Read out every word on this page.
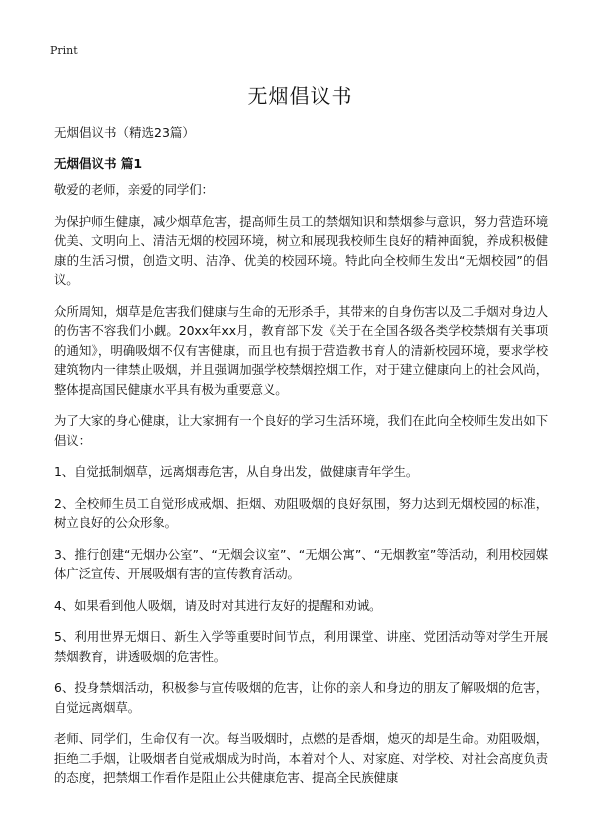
Print
无烟倡议书
无烟倡议书（精选23篇）
无烟倡议书 篇1

敬爱的老师，亲爱的同学们：

为保护师生健康，减少烟草危害，提高师生员工的禁烟知识和禁烟参与意识，努力营造环境优美、文明向上、清洁无烟的校园环境，树立和展现我校师生良好的精神面貌，养成积极健康的生活习惯，创造文明、洁净、优美的校园环境。特此向全校师生发出“无烟校园”的倡议。

众所周知，烟草是危害我们健康与生命的无形杀手，其带来的自身伤害以及二手烟对身边人的伤害不容我们小觑。20xx年xx月，教育部下发《关于在全国各级各类学校禁烟有关事项的通知》，明确吸烟不仅有害健康，而且也有损于营造教书育人的清新校园环境，要求学校建筑物内一律禁止吸烟，并且强调加强学校禁烟控烟工作，对于建立健康向上的社会风尚，整体提高国民健康水平具有极为重要意义。

为了大家的身心健康，让大家拥有一个良好的学习生活环境，我们在此向全校师生发出如下倡议：

1、自觉抵制烟草，远离烟毒危害，从自身出发，做健康青年学生。

2、全校师生员工自觉形成戒烟、拒烟、劝阻吸烟的良好氛围，努力达到无烟校园的标准，树立良好的公众形象。

3、推行创建“无烟办公室”、“无烟会议室”、“无烟公寓”、“无烟教室”等活动，利用校园媒体广泛宣传、开展吸烟有害的宣传教育活动。

4、如果看到他人吸烟，请及时对其进行友好的提醒和劝诫。

5、利用世界无烟日、新生入学等重要时间节点，利用课堂、讲座、党团活动等对学生开展禁烟教育，讲透吸烟的危害性。

6、投身禁烟活动，积极参与宣传吸烟的危害，让你的亲人和身边的朋友了解吸烟的危害，自觉远离烟草。

老师、同学们，生命仅有一次。每当吸烟时，点燃的是香烟，熄灭的却是生命。劝阻吸烟，拒绝二手烟，让吸烟者自觉戒烟成为时尚，本着对个人、对家庭、对学校、对社会高度负责的态度，把禁烟工作看作是阻止公共健康危害、提高全民族健康
